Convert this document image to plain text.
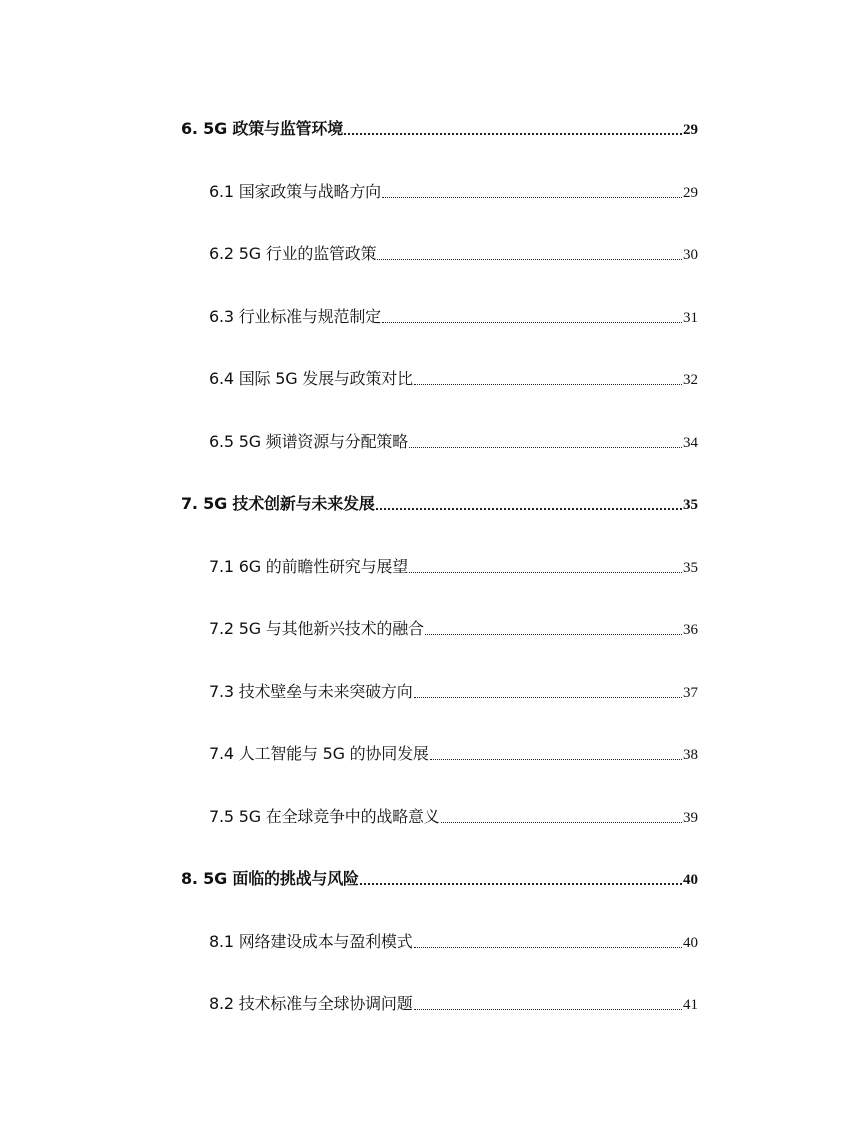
6. 5G 政策与监管环境	29
6.1 国家政策与战略方向	29
6.2 5G 行业的监管政策	30
6.3 行业标准与规范制定	31
6.4 国际 5G 发展与政策对比	32
6.5 5G 频谱资源与分配策略	34
7. 5G 技术创新与未来发展	35
7.1 6G 的前瞻性研究与展望	35
7.2 5G 与其他新兴技术的融合	36
7.3 技术壁垒与未来突破方向	37
7.4 人工智能与 5G 的协同发展	38
7.5 5G 在全球竞争中的战略意义	39
8. 5G 面临的挑战与风险	40
8.1 网络建设成本与盈利模式	40
8.2 技术标准与全球协调问题	41
